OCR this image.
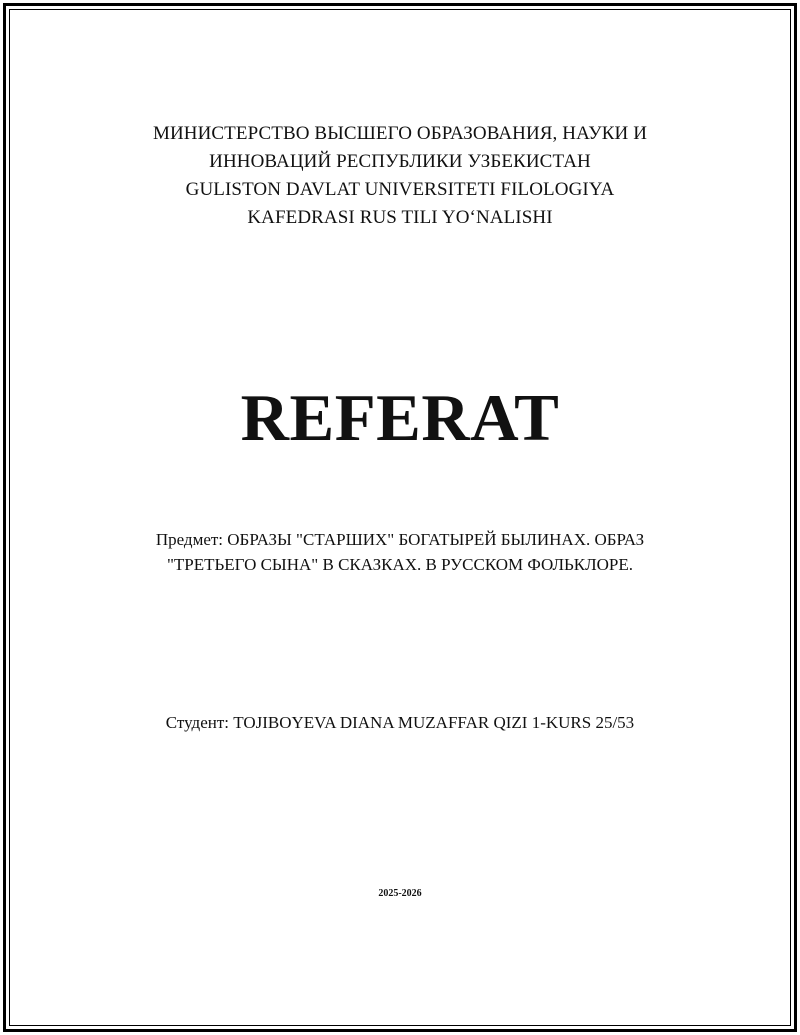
МИНИСТЕРСТВО ВЫСШЕГО ОБРАЗОВАНИЯ, НАУКИ И
ИННОВАЦИЙ РЕСПУБЛИКИ УЗБЕКИСТАН
GULISTON DAVLAT UNIVERSITETI FILOLOGIYA
KAFEDRASI RUS TILI YO‘NALISHI
REFERAT
Предмет: ОБРАЗЫ "СТАРШИХ" БОГАТЫРЕЙ БЫЛИНАХ. ОБРАЗ
"ТРЕТЬЕГО СЫНА" В СКАЗКАХ. В РУССКОМ ФОЛЬКЛОРЕ.
Студент: TOJIBOYEVA DIANA MUZAFFAR QIZI 1-KURS 25/53
2025-2026
